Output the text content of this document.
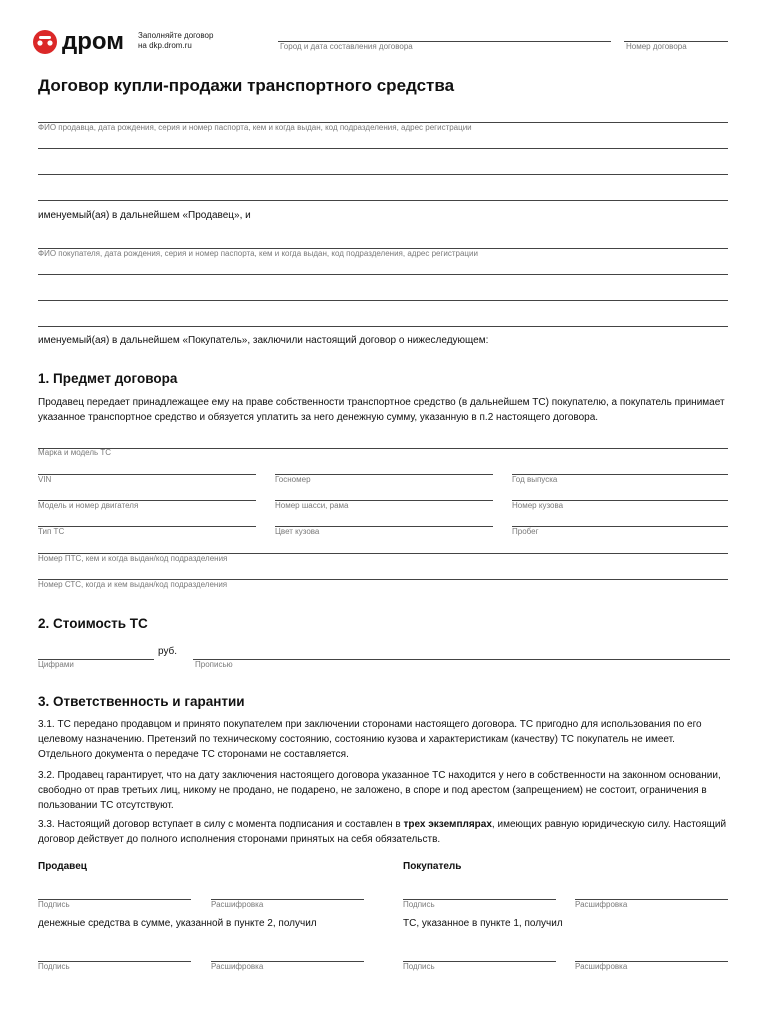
дром Заполняйте договор
на dkp.drom.ru	Город и дата составления договора	Номер договора
Договор купли-продажи транспортного средства
ФИО продавца, дата рождения, серия и номер паспорта, кем и когда выдан, код подразделения, адрес регистрации
именуемый(ая) в дальнейшем «Продавец», и
ФИО покупателя, дата рождения, серия и номер паспорта, кем и когда выдан, код подразделения, адрес регистрации
именуемый(ая) в дальнейшем «Покупатель», заключили настоящий договор о нижеследующем:
1. Предмет договора

Продавец передает принадлежащее ему на праве собственности транспортное средство (в дальнейшем ТС) покупателю, а покупатель принимает указанное транспортное средство и обязуется уплатить за него денежную сумму, указанную в п.2 настоящего договора.

Марка и модель ТС
VIN	Госномер	Год выпуска
Модель и номер двигателя	Номер шасси, рама	Номер кузова
Тип ТС	Цвет кузова	Пробег
Номер ПТС, кем и когда выдан/код подразделения
Номер СТС, когда и кем выдан/код подразделения
2. Стоимость ТС
руб.
Цифрами	Прописью
3. Ответственность и гарантии

3.1. ТС передано продавцом и принято покупателем при заключении сторонами настоящего договора. ТС пригодно для использования по его целевому назначению. Претензий по техническому состоянию, состоянию кузова и характеристикам (качеству) ТС покупатель не имеет. Отдельного документа о передаче ТС сторонами не составляется.

3.2. Продавец гарантирует, что на дату заключения настоящего договора указанное ТС находится у него в собственности на законном основании, свободно от прав третьих лиц, никому не продано, не подарено, не заложено, в споре и под арестом (запрещением) не состоит, ограничения в пользовании ТС отсутствуют.

3.3. Настоящий договор вступает в силу с момента подписания и составлен в трех экземплярах, имеющих равную юридическую силу. Настоящий договор действует до полного исполнения сторонами принятых на себя обязательств.

Продавец	Покупатель
Подпись	Расшифровка	Подпись	Расшифровка
денежные средства в сумме, указанной в пункте 2, получил	ТС, указанное в пункте 1, получил
Подпись	Расшифровка	Подпись	Расшифровка
